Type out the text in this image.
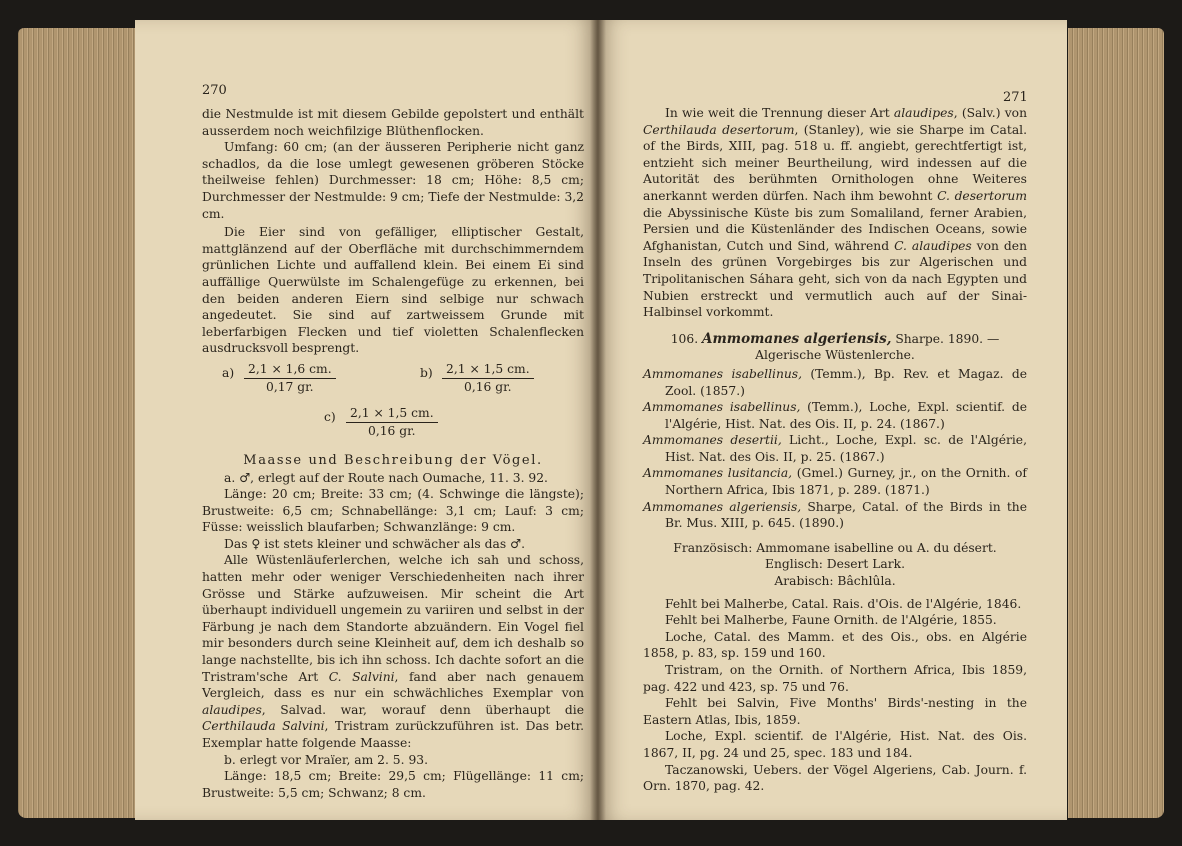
270

die Nestmulde ist mit diesem Gebilde gepolstert und enthält ausserdem noch weichfilzige Blüthenflocken.

Umfang: 60 cm; (an der äusseren Peripherie nicht ganz schadlos, da die lose umlegt gewesenen gröberen Stöcke theilweise fehlen) Durchmesser: 18 cm; Höhe: 8,5 cm; Durchmesser der Nestmulde: 9 cm; Tiefe der Nestmulde: 3,2 cm.

Die Eier sind von gefälliger, elliptischer Gestalt, mattglänzend auf der Oberfläche mit durchschimmerndem grünlichen Lichte und auffallend klein. Bei einem Ei sind auffällige Querwülste im Schalengefüge zu erkennen, bei den beiden anderen Eiern sind selbige nur schwach angedeutet. Sie sind auf zartweissem Grunde mit leberfarbigen Flecken und tief violetten Schalenflecken ausdrucksvoll besprengt.

$a) \frac{2,1 \times 1,6 cm.}{0,17 gr.}$	$b) \frac{2,1 \times 1,5 cm.}{0,16 gr.}$
$c) \frac{2,1 \times 1,5 cm.}{0,16 gr.}$

Maasse und Beschreibung der Vögel.

a. ♂, erlegt auf der Route nach Oumache, 11. 3. 92.

Länge: 20 cm; Breite: 33 cm; (4. Schwinge die längste); Brustweite: 6,5 cm; Schnabellänge: 3,1 cm; Lauf: 3 cm; Füsse: weisslich blaufarben; Schwanzlänge: 9 cm.

Das ♀ ist stets kleiner und schwächer als das ♂.

Alle Wüstenläuferlerchen, welche ich sah und schoss, hatten mehr oder weniger Verschiedenheiten nach ihrer Grösse und Stärke aufzuweisen. Mir scheint die Art überhaupt individuell ungemein zu variiren und selbst in der Färbung je nach dem Standorte abzuändern. Ein Vogel fiel mir besonders durch seine Kleinheit auf, dem ich deshalb so lange nachstellte, bis ich ihn schoss. Ich dachte sofort an die Tristram'sche Art C. Salvini, fand aber nach genauem Vergleich, dass es nur ein schwächliches Exemplar von alaudipes, Salvad. war, worauf denn überhaupt die Certhilauda Salvini, Tristram zurückzuführen ist. Das betr. Exemplar hatte folgende Maasse:

b. erlegt vor Mraïer, am 2. 5. 93.

Länge: 18,5 cm; Breite: 29,5 cm; Flügellänge: 11 cm; Brustweite: 5,5 cm; Schwanz; 8 cm.

271

In wie weit die Trennung dieser Art alaudipes, (Salv.) von Certhilauda desertorum, (Stanley), wie sie Sharpe im Catal. of the Birds, XIII, pag. 518 u. ff. angiebt, gerechtfertigt ist, entzieht sich meiner Beurtheilung, wird indessen auf die Autorität des berühmten Ornithologen ohne Weiteres anerkannt werden dürfen. Nach ihm bewohnt C. desertorum die Abyssinische Küste bis zum Somaliland, ferner Arabien, Persien und die Küstenländer des Indischen Oceans, sowie Afghanistan, Cutch und Sind, während C. alaudipes von den Inseln des grünen Vorgebirges bis zur Algerischen und Tripolitanischen Sáhara geht, sich von da nach Egypten und Nubien erstreckt und vermutlich auch auf der Sinai-Halbinsel vorkommt.

106. Ammomanes algeriensis, Sharpe. 1890. —

Algerische Wüstenlerche.

Ammomanes isabellinus, (Temm.), Bp. Rev. et Magaz. de Zool. (1857.)

Ammomanes isabellinus, (Temm.), Loche, Expl. scientif. de l'Algérie, Hist. Nat. des Ois. II, p. 24. (1867.)

Ammomanes desertii, Licht., Loche, Expl. sc. de l'Algérie, Hist. Nat. des Ois. II, p. 25. (1867.)

Ammomanes lusitancia, (Gmel.) Gurney, jr., on the Ornith. of Northern Africa, Ibis 1871, p. 289. (1871.)

Ammomanes algeriensis, Sharpe, Catal. of the Birds in the Br. Mus. XIII, p. 645. (1890.)

Französisch: Ammomane isabelline ou A. du désert.

Englisch: Desert Lark.

Arabisch: Bâchlûla.

Fehlt bei Malherbe, Catal. Rais. d'Ois. de l'Algérie, 1846.

Fehlt bei Malherbe, Faune Ornith. de l'Algérie, 1855.

Loche, Catal. des Mamm. et des Ois., obs. en Algérie 1858, p. 83, sp. 159 und 160.

Tristram, on the Ornith. of Northern Africa, Ibis 1859, pag. 422 und 423, sp. 75 und 76.

Fehlt bei Salvin, Five Months' Birds'-nesting in the Eastern Atlas, Ibis, 1859.

Loche, Expl. scientif. de l'Algérie, Hist. Nat. des Ois. 1867, II, pg. 24 und 25, spec. 183 und 184.

Taczanowski, Uebers. der Vögel Algeriens, Cab. Journ. f. Orn. 1870, pag. 42.
